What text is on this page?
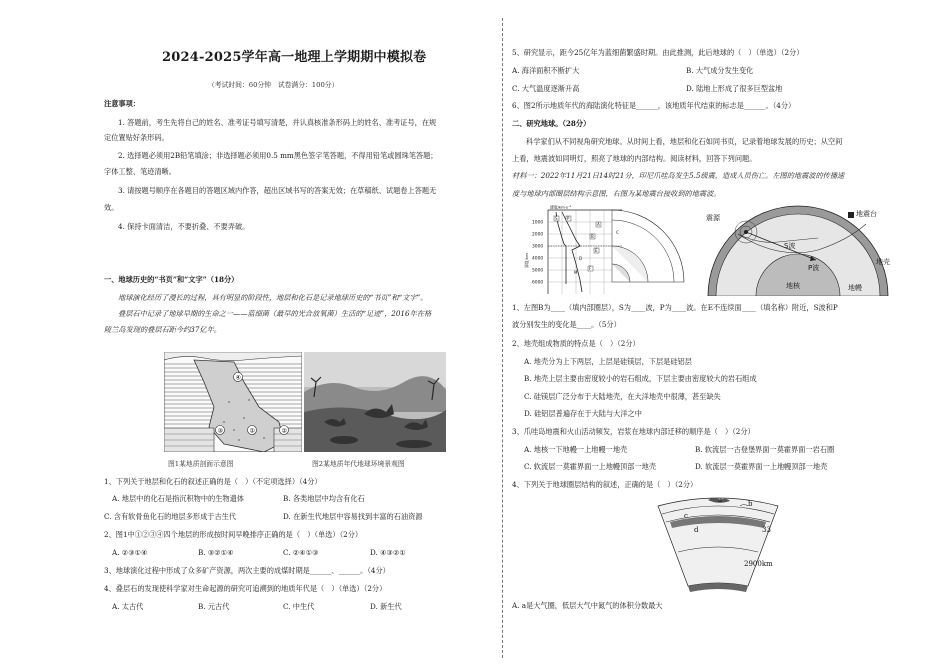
2024-2025学年高一地理上学期期中模拟卷
（考试时间：60分钟　试卷满分：100分）
注意事项：
1. 答题前，考生先将自己的姓名、准考证号填写清楚，并认真核准条形码上的姓名、准考证号，在规
定位置贴好条形码。
2. 选择题必须用2B铅笔填涂；非选择题必须用0.5 mm黑色签字笔答题，不得用铅笔或圆珠笔答题；
字体工整、笔迹清晰。
3. 请按题号顺序在各题目的答题区域内作答，超出区域书写的答案无效；在草稿纸、试题卷上答题无
效。
4. 保持卡面清洁，不要折叠、不要弄破。
一、地球历史的“书页”和“文字”（18分）
地球演化经历了漫长的过程，具有明显的阶段性，地层和化石是记录地球历史的“书页”和“文字”。
叠层石中记录了地球早期的生命之一——蓝细菌（最早的光合放氧菌）生活的“足迹”，2016年在格
陵兰岛发现的叠层石距今约37亿年。
④
③	①	②
图1某地质剖面示意图	图2某地质年代地球环境景观图
1、下列关于地层和化石的叙述正确的是（　）（不定项选择）（4分）
A. 地层中的化石是指沉积物中的生物遗体	B. 各类地层中均含有化石
C. 含有软骨鱼化石的地层多形成于古生代	D. 在新生代地层中容易找到丰富的石油资源
2、图1中①②③④四个地层的形成按时间早晚排序正确的是（　）（单选）（2分）
A. ②③①④	B. ③②①④	C. ②④①③	D. ④③②①
3、地球演化过程中形成了众多矿产资源，两次主要的成煤时期是______、______。（4分）
4、叠层石的发现使科学家对生命起源的研究可追溯到的地质年代是（　）（单选）（2分）
A. 太古代	B. 元古代	C. 中生代	D. 新生代
5、研究显示，距今25亿年为蓝细菌繁盛时期。由此推测，此后地球的（　）（单选）（2分）
A. 海洋面积不断扩大	B. 大气成分发生变化
C. 大气温度逐渐升高	D. 陆地上形成了很多巨型盆地
6、图2所示地质年代的海陆演化特征是______，该地质年代结束的标志是______。（4分）
二、研究地球。（28分）
科学家们从不同视角研究地球。从时间上看，地层和化石如同书页，记录着地球发展的历史；从空间
上看，地震波如同明灯，照亮了地球的内部结构。阅读材料，回答下列问题。
材料一：2022年11月21日14时21分，印尼爪哇岛发生5.5级震，造成人员伤亡。左图的地震波的传播速
度与地球内部圈层结构示意图，右图为某地震台接收到的地震波。
速度/km·s⁻¹
深度/km
1000
2000
3000
4000
5000
6000
S P
A
B
E
F
D
M
C
震源	地震台
S波
P波
地壳
地幔
地核
1、左图B为____（填内部圈层），S为____波，P为____波。在E不连续面____（填名称）附近，S波和P
波分别发生的变化是____。（5分）
2、地壳组成物质的特点是（　）（2分）
A. 地壳分为上下两层，上层是硅镁层，下层是硅铝层
B. 地壳上层主要由密度较小的岩石组成，下层主要由密度较大的岩石组成
C. 硅镁层广泛分布于大陆地壳，在大洋地壳中很薄，甚至缺失
D. 硅铝层普遍存在于大陆与大洋之中
3、爪哇岛地震和火山活动频发，岩浆在地球内部迁移的顺序是（　）（2分）
A. 地核一下地幔一上地幔一地壳	B. 软流层一古登堡界面一莫霍界面一岩石圈
C. 软流层一莫霍界面一上地幔顶部一地壳	D. 软流层一莫霍界面一上地幔顶部一地壳
4、下列关于地球圈层结构的叙述，正确的是（　）（2分）
a	b
c
d	33
2900km
A. a是大气圈，低层大气中氮气的体积分数最大
